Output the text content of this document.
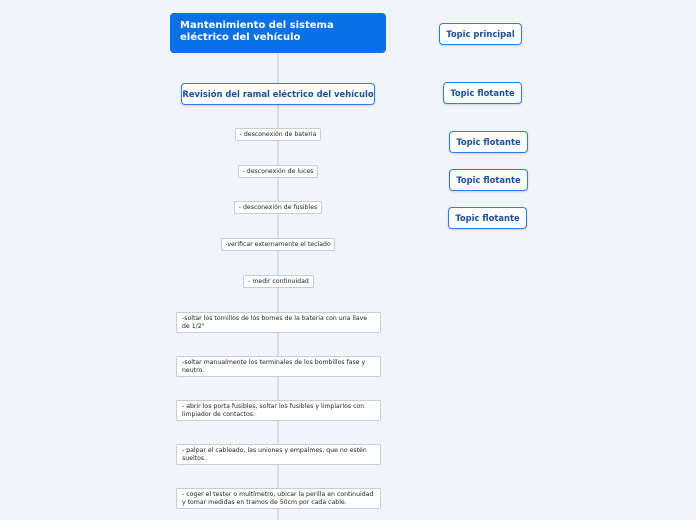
Mantenimiento del sistema eléctrico del vehículo
Revisión del ramal eléctrico del vehículo
Topic principal
Topic flotante
Topic flotante
Topic flotante
Topic flotante
- desconexión de bateria
- desconexión de luces
- desconexión de fusibles
-verificar externamente el teclado
- medir continuidad
-soltar los tornillos de los bornes de la bateria con una llave de 1/2"
-soltar manualmente los terminales de los bombillos fase y neutro.
- abrir los porta fusibles, soltar los fusibles y limpiarlos con limpiador de contactos.
- palpar el cableado, las uniones y empalmes, que no estén sueltos.
- coger el tester o multímetro, ubicar la perilla en continuidad y tomar medidas en tramos de 50cm por cada cable.
